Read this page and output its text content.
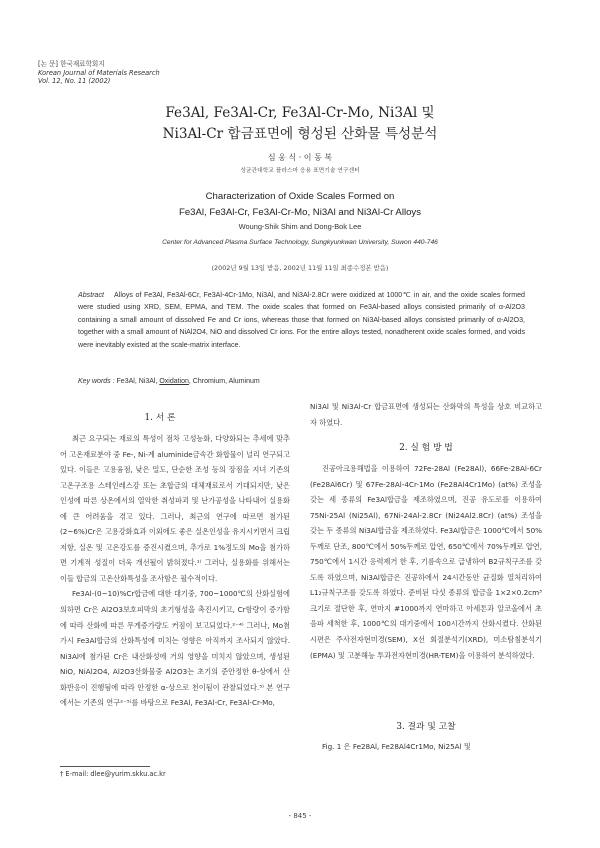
[논 문] 한국재료학회지
Korean Journal of Materials Research
Vol. 12, No. 11 (2002)
Fe3Al, Fe3Al-Cr, Fe3Al-Cr-Mo, Ni3Al 및
Ni3Al-Cr 합금표면에 형성된 산화물 특성분석
심 웅 식 · 이 동 복
성균관대학교 플라스마 응용 표면기술 연구센터
Characterization of Oxide Scales Formed on
Fe3Al, Fe3Al-Cr, Fe3Al-Cr-Mo, Ni3Al and Ni3Al-Cr Alloys
Woung-Shik Shim and Dong-Bok Lee
Center for Advanced Plasma Surface Technology, Sungkyunkwan University, Suwon 440-746
(2002년 9월 13일 받음, 2002년 11월 11일 최종수정본 받음)
Abstract Alloys of Fe3Al, Fe3Al-6Cr, Fe3Al-4Cr-1Mo, Ni3Al, and Ni3Al-2.8Cr were oxidized at 1000℃ in air, and the oxide scales formed were studied using XRD, SEM, EPMA, and TEM. The oxide scales that formed on Fe3Al-based alloys consisted primarily of α-Al2O3 containing a small amount of dissolved Fe and Cr ions, whereas those that formed on Ni3Al-based alloys consisted primarily of α-Al2O3, together with a small amount of NiAl2O4, NiO and dissolved Cr ions. For the entire alloys tested, nonadherent oxide scales formed, and voids were inevitably existed at the scale-matrix interface.
Key words : Fe3Al, Ni3Al, Oxidation, Chromium, Aluminum
1. 서 론

최근 요구되는 재료의 특성이 점차 고성능화, 다양화되는 추세에 맞추어 고온재료분야 중 Fe-, Ni-계 aluminide금속간 화합물이 널리 연구되고 있다. 이들은 고용융점, 낮은 밀도, 단순한 조성 등의 장점을 지녀 기존의 고온구조용 스테인레스강 또는 초합금의 대체재료로서 기대되지만, 낮은 인성에 따른 상온에서의 열악한 취성파괴 및 난가공성을 나타내어 실용화에 큰 어려움을 겪고 있다. 그러나, 최근의 연구에 따르면 첨가된 (2~6%)Cr은 고용강화효과 이외에도 좋은 실온인성을 유지시키면서 크립저항, 실온 및 고온강도를 증진시켰으며, 추가로 1%정도의 Mo을 첨가하면 기계적 성질이 더욱 개선될이 밝혀졌다.¹⁾ 그러나, 실용화를 위해서는 이들 합금의 고온산화특성을 조사함은 필수적이다.

Fe3Al-(0~10)%Cr합금에 대한 대기중, 700~1000℃의 산화실험에 의하면 Cr은 Al2O3보호피막의 초기형성을 촉진시키고, Cr함량이 증가함에 따라 산화에 따른 무게증가량도 커짐이 보고되었다.²⁻⁴⁾ 그러나, Mo첨가시 Fe3Al합금의 산화특성에 미치는 영향은 아직까지 조사되지 않았다. Ni3Al에 첨가된 Cr은 내산화성에 거의 영향을 미치지 않았으며, 생성된 NiO, NiAl2O4, Al2O3산화물중 Al2O3는 초기의 준안정한 θ-상에서 산화반응이 진행됨에 따라 안정한 α-상으로 천이됨이 관찰되었다.⁵⁾ 본 연구에서는 기존의 연구²⁻⁵⁾를 바탕으로 Fe3Al, Fe3Al-Cr, Fe3Al-Cr-Mo,

Ni3Al 및 Ni3Al-Cr 합금표면에 생성되는 산화막의 특성을 상호 비교하고자 하였다.

2. 실 험 방 법

진공아크용해법을 이용하여 72Fe-28Al (Fe28Al), 66Fe-28Al-6Cr (Fe28Al6Cr) 및 67Fe-28Al-4Cr-1Mo (Fe28Al4Cr1Mo) (at%) 조성을 갖는 세 종류의 Fe3Al합금을 제조하였으며, 진공 유도로를 이용하여 75Ni-25Al (Ni25Al), 67Ni-24Al-2.8Cr (Ni24Al2.8Cr) (at%) 조성을 갖는 두 종류의 Ni3Al합금을 제조하였다. Fe3Al합금은 1000℃에서 50%두께로 단조, 800℃에서 50%두께로 압연, 650℃에서 70%두께로 압연, 750℃에서 1시간 응력제거 한 후, 기름속으로 급냉하여 B2규칙구조를 갖도록 하였으며, Ni3Al합금은 진공하에서 24시간동안 균질화 열처리하여 L1₂규칙구조를 갖도록 하였다. 준비된 다섯 종류의 합금을 1×2×0.2cm³크기로 절단한 후, 연마지 #1000까지 연마하고 아세톤과 알코올에서 초음파 세척한 후, 1000℃의 대기중에서 100시간까지 산화시켰다. 산화된 시편은 주사전자현미경(SEM), X선 회절분석기(XRD), 미소탐침분석기(EPMA) 및 고분해능 투과전자현미경(HR-TEM)을 이용하여 분석하였다.

3. 결과 및 고찰

Fig. 1 은 Fe28Al, Fe28Al4Cr1Mo, Ni25Al 및

† E-mail: dlee@yurim.skku.ac.kr
- 845 -
